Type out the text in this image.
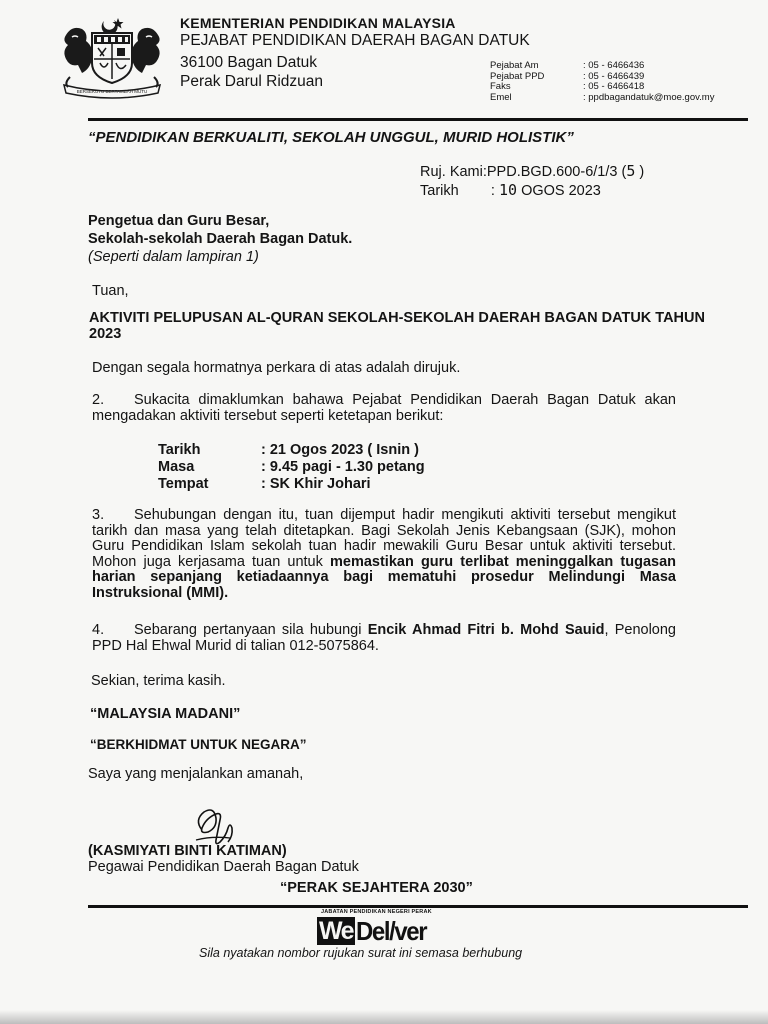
BERSEKUTU BERTAMBAH MUTU
KEMENTERIAN PENDIDIKAN MALAYSIA
PEJABAT PENDIDIKAN DAERAH BAGAN DATUK
36100 Bagan Datuk
Perak Darul Ridzuan
Pejabat Am	: 05 - 6466436
Pejabat PPD	: 05 - 6466439
Faks	: 05 - 6466418
Emel	: ppdbagandatuk@moe.gov.my
“PENDIDIKAN BERKUALITI, SEKOLAH UNGGUL, MURID HOLISTIK”
Ruj. Kami	:PPD.BGD.600-6/1/3 (5 )
Tarikh	: 10 OGOS 2023
Pengetua dan Guru Besar,
Sekolah-sekolah Daerah Bagan Datuk.
(Seperti dalam lampiran 1)
Tuan,
AKTIVITI PELUPUSAN AL-QURAN SEKOLAH-SEKOLAH DAERAH BAGAN DATUK TAHUN 2023
Dengan segala hormatnya perkara di atas adalah dirujuk.
2. Sukacita dimaklumkan bahawa Pejabat Pendidikan Daerah Bagan Datuk akan mengadakan aktiviti tersebut seperti ketetapan berikut:
Tarikh	: 21 Ogos 2023 ( Isnin )
Masa	: 9.45 pagi - 1.30 petang
Tempat	: SK Khir Johari
3. Sehubungan dengan itu, tuan dijemput hadir mengikuti aktiviti tersebut mengikut tarikh dan masa yang telah ditetapkan. Bagi Sekolah Jenis Kebangsaan (SJK), mohon Guru Pendidikan Islam sekolah tuan hadir mewakili Guru Besar untuk aktiviti tersebut. Mohon juga kerjasama tuan untuk memastikan guru terlibat meninggalkan tugasan harian sepanjang ketiadaannya bagi mematuhi prosedur Melindungi Masa Instruksional (MMI).
4. Sebarang pertanyaan sila hubungi Encik Ahmad Fitri b. Mohd Sauid, Penolong PPD Hal Ehwal Murid di talian 012-5075864.
Sekian, terima kasih.
“MALAYSIA MADANI”
“BERKHIDMAT UNTUK NEGARA”
Saya yang menjalankan amanah,
(KASMIYATI BINTI KATIMAN)
Pegawai Pendidikan Daerah Bagan Datuk
“PERAK SEJAHTERA 2030”
JABATAN PENDIDIKAN NEGERI PERAK
We Del/ver
Sila nyatakan nombor rujukan surat ini semasa berhubung
